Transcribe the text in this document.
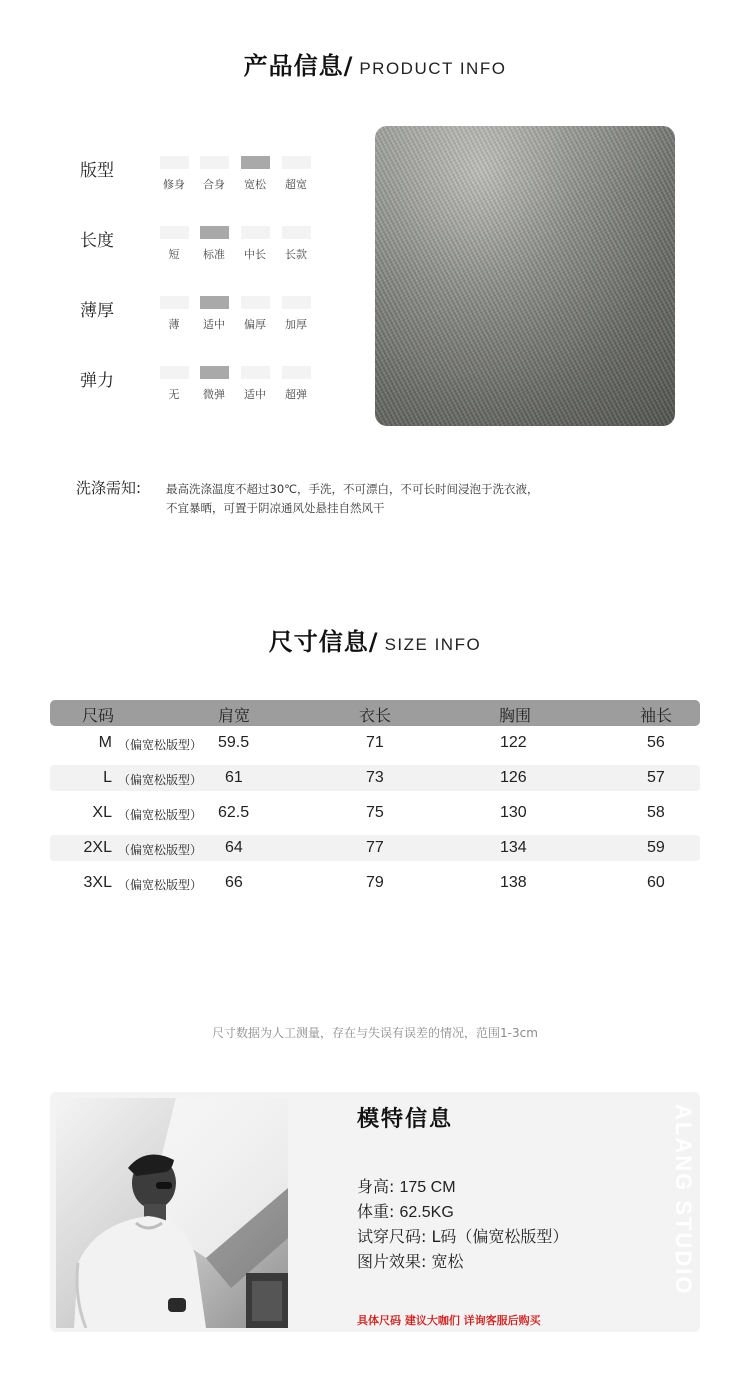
产品信息/ PRODUCT INFO
版型
修身	合身	宽松	超宽
长度
短	标准	中长	长款
薄厚
薄	适中	偏厚	加厚
弹力
无	微弹	适中	超弹
洗涤需知: 最高洗涤温度不超过30℃，手洗，不可漂白，不可长时间浸泡于洗衣液，
不宜暴晒，可置于阴凉通风处悬挂自然风干
尺寸信息/ SIZE INFO
尺码	肩宽	衣长	胸围	袖长
M （偏宽松版型） 59.5	71	122	56
L （偏宽松版型） 61	73	126	57
XL （偏宽松版型） 62.5	75	130	58
2XL （偏宽松版型） 64	77	134	59
3XL （偏宽松版型） 66	79	138	60
尺寸数据为人工测量，存在与失误有误差的情况，范围1-3cm
模特信息
身高: 175 CM
体重: 62.5KG
试穿尺码: L码（偏宽松版型）
图片效果: 宽松
具体尺码 建议大咖们 详询客服后购买
ALANG STUDIO
